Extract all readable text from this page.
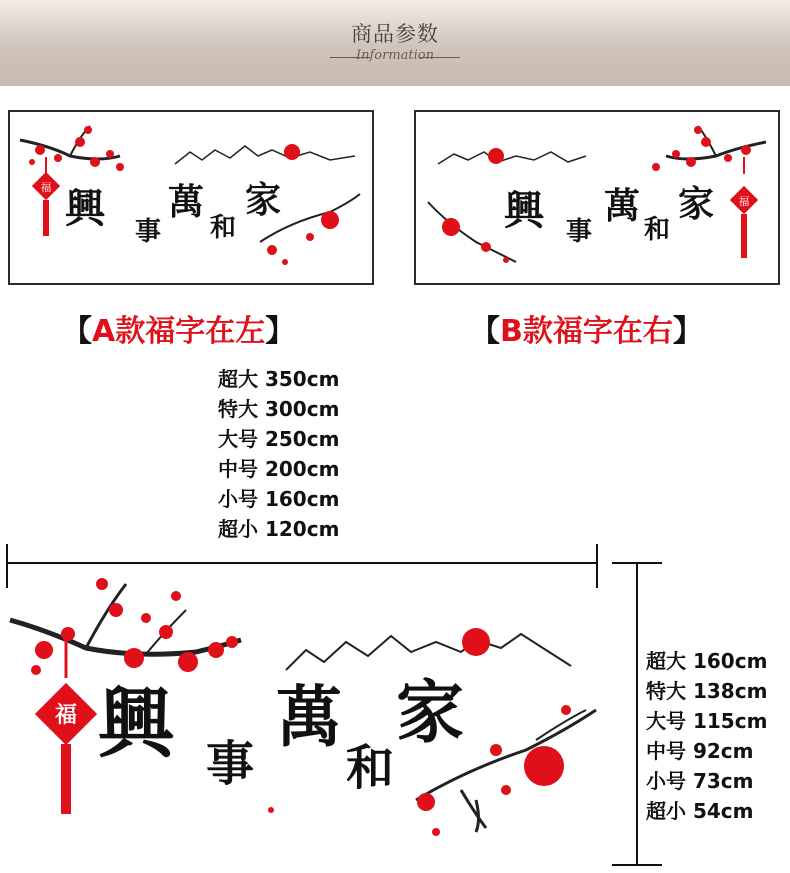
商品参数
Information
福 興 事
萬
和
家	福
興 事
萬
和
家
【A款福字在左】	【B款福字在右】
超大 350cm
特大 300cm
大号 250cm
中号 200cm
小号 160cm
超小 120cm
超大 160cm
特大 138cm
大号 115cm
中号 92cm
小号 73cm
超小 54cm
福 興 事
萬
和
家
